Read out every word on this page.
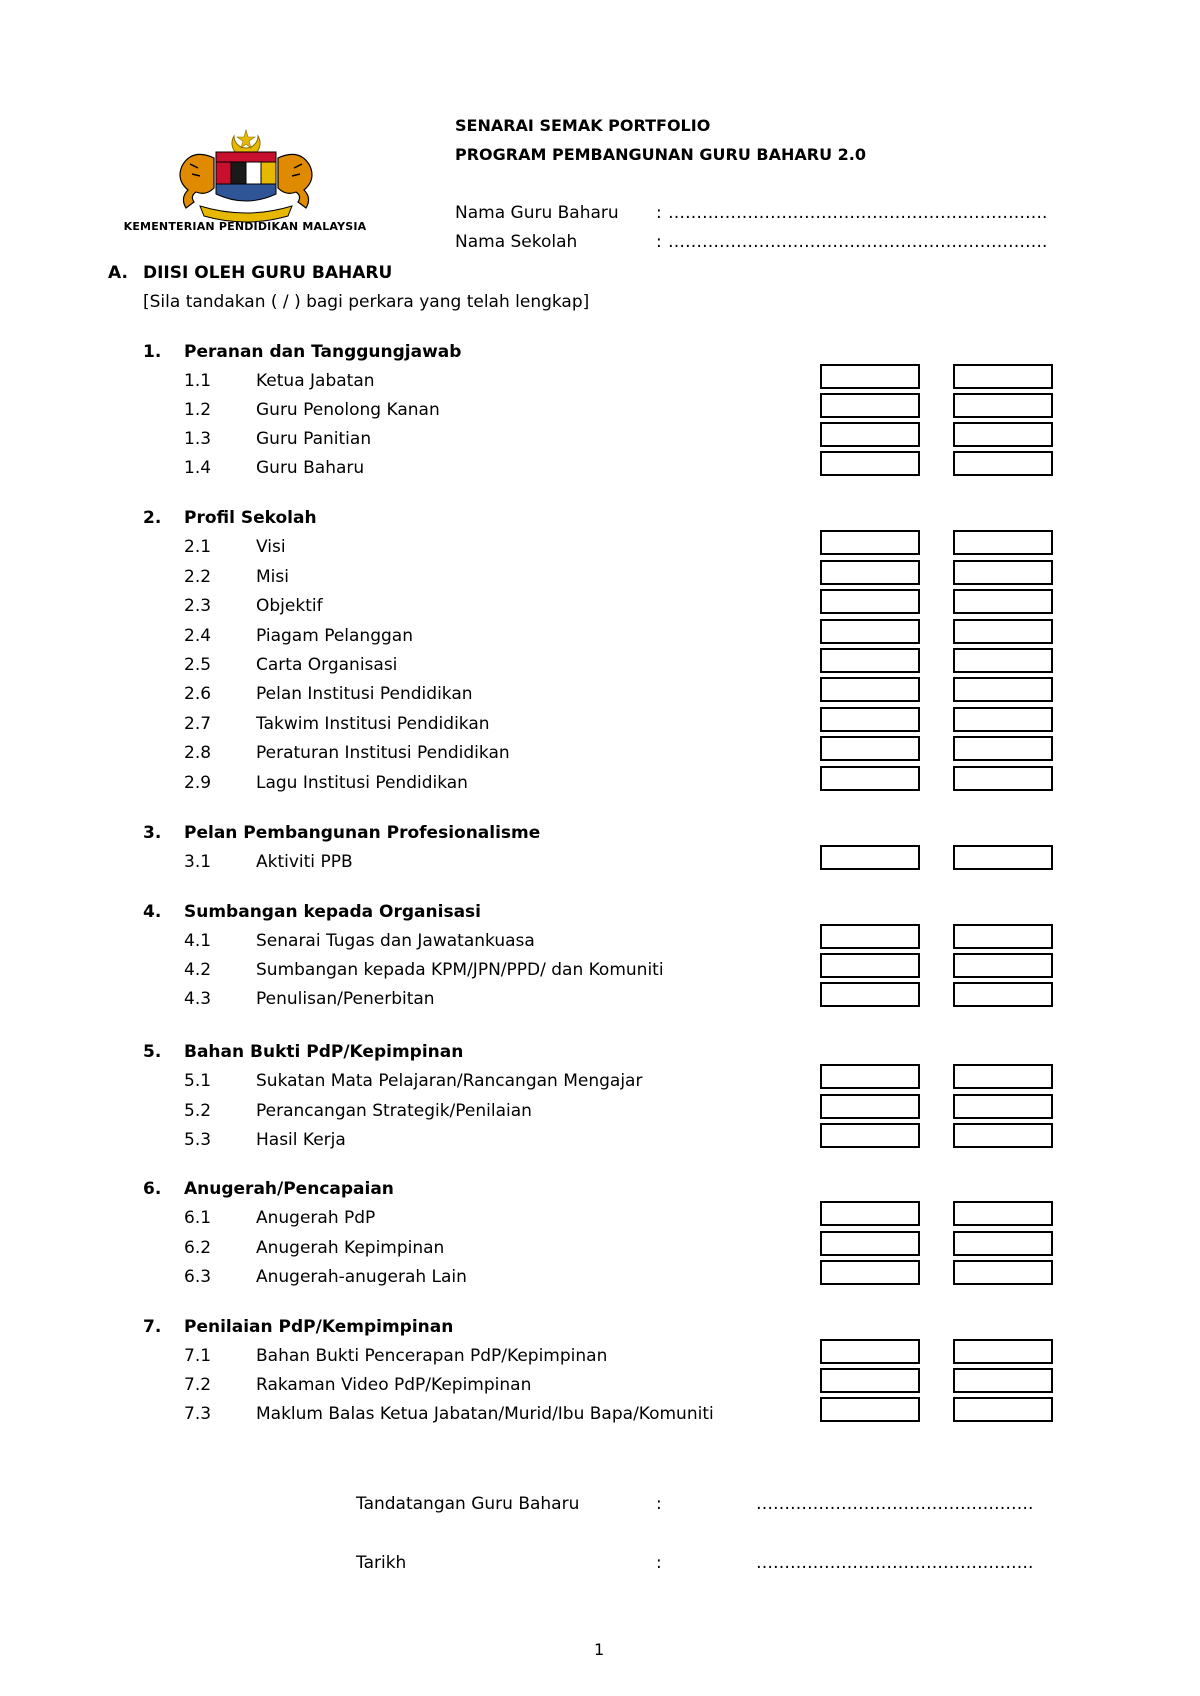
KEMENTERIAN PENDIDIKAN MALAYSIA
SENARAI SEMAK PORTFOLIO
PROGRAM PEMBANGUNAN GURU BAHARU 2.0
Nama Guru Baharu : ………………………………………………………….
Nama Sekolah	: ………………………………………………………….
A. DIISI OLEH GURU BAHARU
[Sila tandakan ( / ) bagi perkara yang telah lengkap]
1. Peranan dan Tanggungjawab
1.1	Ketua Jabatan
1.2	Guru Penolong Kanan
1.3	Guru Panitian
1.4	Guru Baharu
2. Profil Sekolah
2.1	Visi
2.2	Misi
2.3	Objektif
2.4	Piagam Pelanggan
2.5	Carta Organisasi
2.6	Pelan Institusi Pendidikan
2.7	Takwim Institusi Pendidikan
2.8	Peraturan Institusi Pendidikan
2.9	Lagu Institusi Pendidikan
3. Pelan Pembangunan Profesionalisme
3.1	Aktiviti PPB
4. Sumbangan kepada Organisasi
4.1	Senarai Tugas dan Jawatankuasa
4.2	Sumbangan kepada KPM/JPN/PPD/ dan Komuniti
4.3	Penulisan/Penerbitan
5. Bahan Bukti PdP/Kepimpinan
5.1	Sukatan Mata Pelajaran/Rancangan Mengajar
5.2	Perancangan Strategik/Penilaian
5.3	Hasil Kerja
6. Anugerah/Pencapaian
6.1	Anugerah PdP
6.2	Anugerah Kepimpinan
6.3	Anugerah-anugerah Lain
7. Penilaian PdP/Kempimpinan
7.1	Bahan Bukti Pencerapan PdP/Kepimpinan
7.2	Rakaman Video PdP/Kepimpinan
7.3	Maklum Balas Ketua Jabatan/Murid/Ibu Bapa/Komuniti
Tandatangan Guru Baharu	:	………………………………………….
Tarikh	:	………………………………………….
1
